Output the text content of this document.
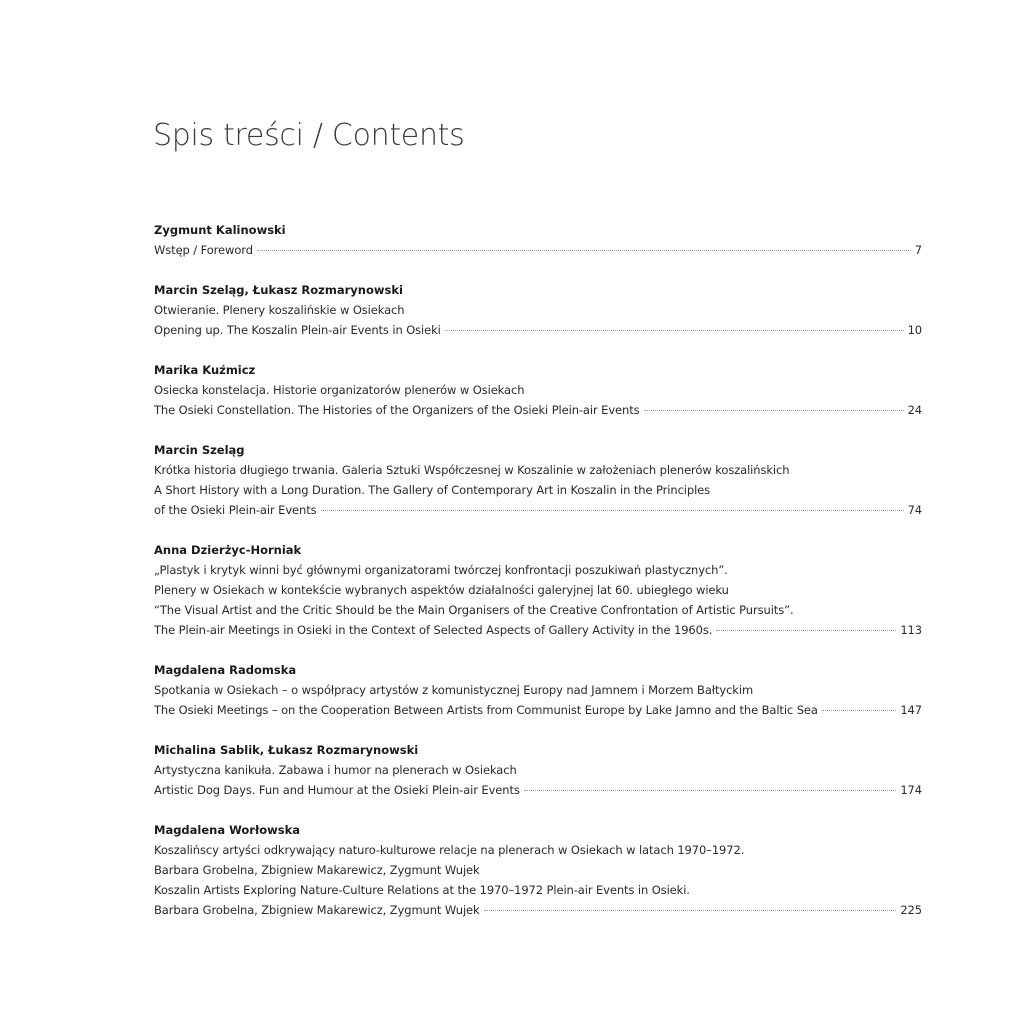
Spis treści / Contents
Zygmunt Kalinowski
Wstęp / Foreword	7
Marcin Szeląg, Łukasz Rozmarynowski
Otwieranie. Plenery koszalińskie w Osiekach
Opening up. The Koszalin Plein-air Events in Osieki	10
Marika Kuźmicz
Osiecka konstelacja. Historie organizatorów plenerów w Osiekach
The Osieki Constellation. The Histories of the Organizers of the Osieki Plein-air Events	24
Marcin Szeląg
Krótka historia długiego trwania. Galeria Sztuki Współczesnej w Koszalinie w założeniach plenerów koszalińskich
A Short History with a Long Duration. The Gallery of Contemporary Art in Koszalin in the Principles
of the Osieki Plein-air Events	74
Anna Dzierżyc-Horniak
„Plastyk i krytyk winni być głównymi organizatorami twórczej konfrontacji poszukiwań plastycznych”.
Plenery w Osiekach w kontekście wybranych aspektów działalności galeryjnej lat 60. ubiegłego wieku
“The Visual Artist and the Critic Should be the Main Organisers of the Creative Confrontation of Artistic Pursuits”.
The Plein-air Meetings in Osieki in the Context of Selected Aspects of Gallery Activity in the 1960s.	113
Magdalena Radomska
Spotkania w Osiekach – o współpracy artystów z komunistycznej Europy nad Jamnem i Morzem Bałtyckim
The Osieki Meetings – on the Cooperation Between Artists from Communist Europe by Lake Jamno and the Baltic Sea	147
Michalina Sablik, Łukasz Rozmarynowski
Artystyczna kanikuła. Zabawa i humor na plenerach w Osiekach
Artistic Dog Days. Fun and Humour at the Osieki Plein-air Events	174
Magdalena Worłowska
Koszalińscy artyści odkrywający naturo-kulturowe relacje na plenerach w Osiekach w latach 1970–1972.
Barbara Grobelna, Zbigniew Makarewicz, Zygmunt Wujek
Koszalin Artists Exploring Nature-Culture Relations at the 1970–1972 Plein-air Events in Osieki.
Barbara Grobelna, Zbigniew Makarewicz, Zygmunt Wujek	225
